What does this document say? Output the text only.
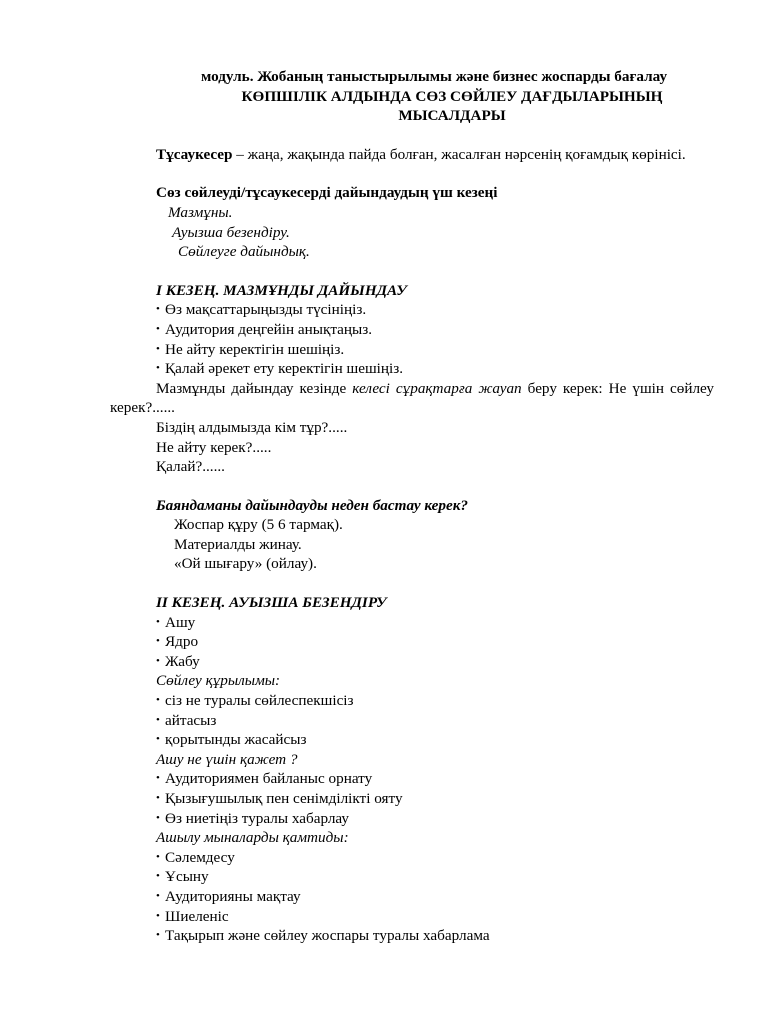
модуль. Жобаның таныстырылымы және бизнес жоспарды бағалау

КӨПШІЛІК АЛДЫНДА СӨЗ СӨЙЛЕУ ДАҒДЫЛАРЫНЫҢ

МЫСАЛДАРЫ

Тұсаукесер – жаңа, жақында пайда болған, жасалған нәрсенің қоғамдық көрінісі.

Сөз сөйлеуді/тұсаукесерді дайындаудың үш кезеңі

Мазмұны.

Ауызша безендіру.

Сөйлеуге дайындық.

I КЕЗЕҢ. МАЗМҰНДЫ ДАЙЫНДАУ

• Өз мақсаттарыңызды түсініңіз.
• Аудитория деңгейін анықтаңыз.
• Не айту керектігін шешіңіз.
• Қалай әрекет ету керектігін шешіңіз.

Мазмұнды дайындау кезінде келесі сұрақтарға жауап беру керек: Не үшін сөйлеу керек?......

Біздің алдымызда кім тұр?.....

Не айту керек?.....

Қалай?......

Баяндаманы дайындауды неден бастау керек?

Жоспар құру (5 6 тармақ).

Материалды жинау.

«Ой шығару» (ойлау).

II КЕЗЕҢ. АУЫЗША БЕЗЕНДІРУ

• Ашу
• Ядро
• Жабу

Сөйлеу құрылымы:

• сіз не туралы сөйлеспекшісіз
• айтасыз
• қорытынды жасайсыз

Ашу не үшін қажет ?

• Аудиториямен байланыс орнату
• Қызығушылық пен сенімділікті ояту
• Өз ниетіңіз туралы хабарлау

Ашылу мыналарды қамтиды:

• Сәлемдесу
• Ұсыну
• Аудиторияны мақтау
• Шиеленіс
• Тақырып және сөйлеу жоспары туралы хабарлама
